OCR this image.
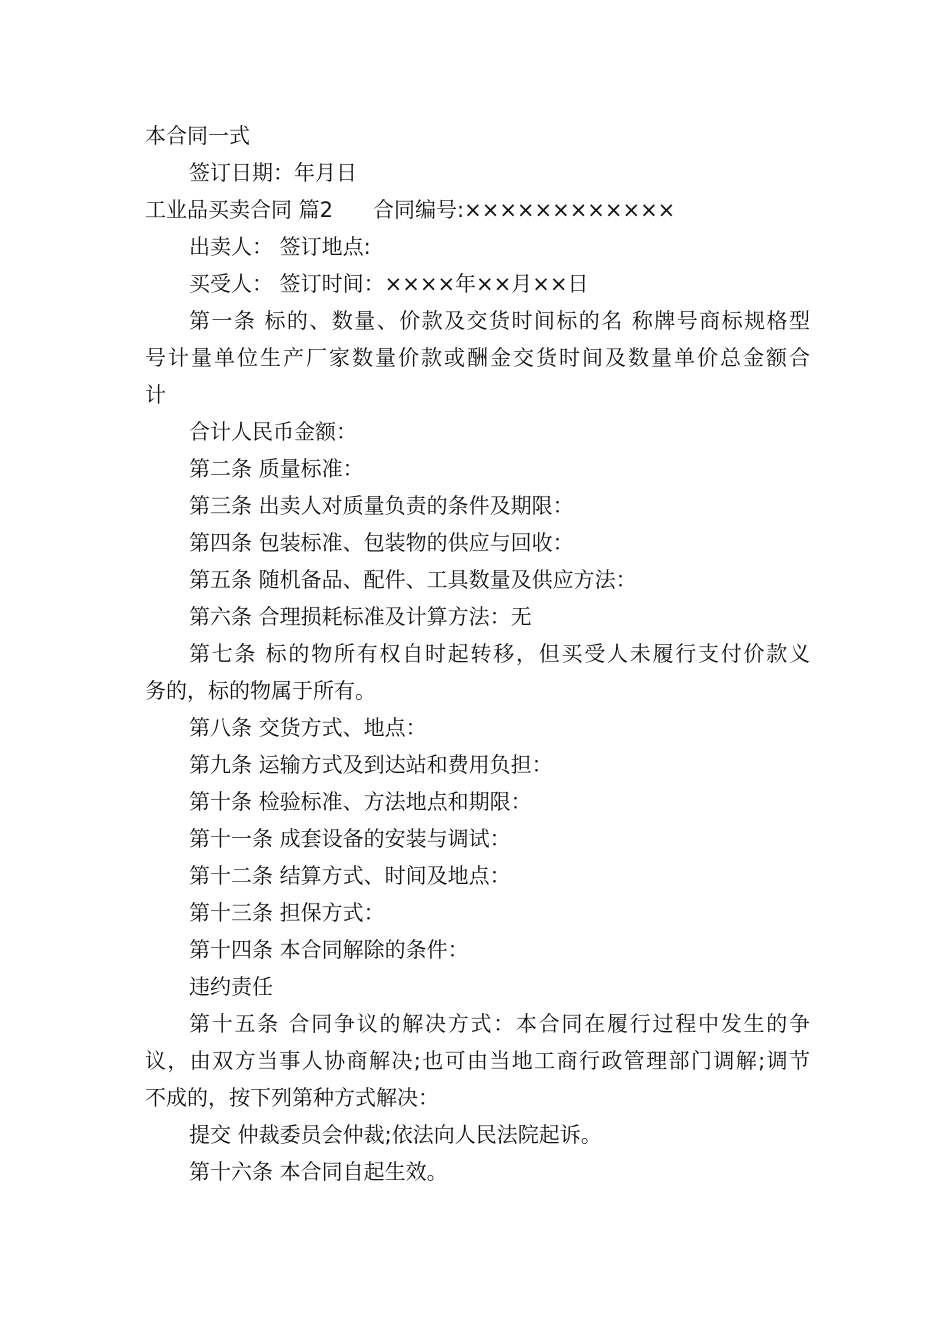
本合同一式
签订日期：年月日
工业品买卖合同 篇2 合同编号:××××××××××××
出卖人： 签订地点:
买受人： 签订时间：××××年××月××日
第一条 标的、数量、价款及交货时间标的名 称牌号商标规格型
号计量单位生产厂家数量价款或酬金交货时间及数量单价总金额合
计
合计人民币金额：
第二条 质量标准：
第三条 出卖人对质量负责的条件及期限：
第四条 包装标准、包装物的供应与回收：
第五条 随机备品、配件、工具数量及供应方法：
第六条 合理损耗标准及计算方法：无
第七条 标的物所有权自时起转移，但买受人未履行支付价款义
务的，标的物属于所有。
第八条 交货方式、地点：
第九条 运输方式及到达站和费用负担：
第十条 检验标准、方法地点和期限：
第十一条 成套设备的安装与调试：
第十二条 结算方式、时间及地点：
第十三条 担保方式：
第十四条 本合同解除的条件：
违约责任
第十五条 合同争议的解决方式：本合同在履行过程中发生的争
议，由双方当事人协商解决;也可由当地工商行政管理部门调解;调节
不成的，按下列第种方式解决：
提交 仲裁委员会仲裁;依法向人民法院起诉。
第十六条 本合同自起生效。
